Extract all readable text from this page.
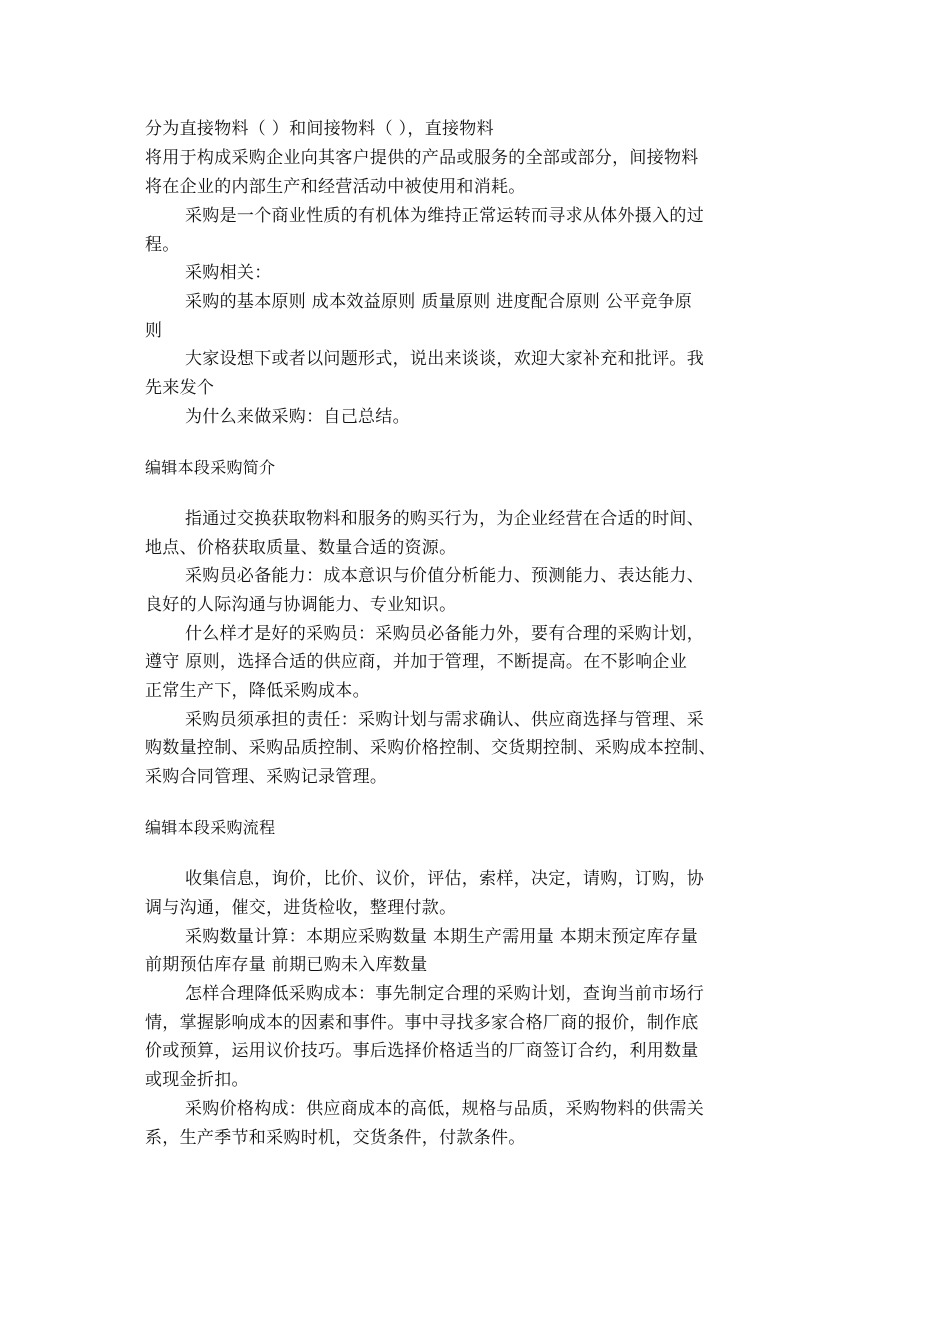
分为直接物料（ ）和间接物料（ ），直接物料
将用于构成采购企业向其客户提供的产品或服务的全部或部分，间接物料
将在企业的内部生产和经营活动中被使用和消耗。
采购是一个商业性质的有机体为维持正常运转而寻求从体外摄入的过
程。
采购相关：
采购的基本原则 成本效益原则 质量原则 进度配合原则 公平竞争原
则
大家设想下或者以问题形式，说出来谈谈，欢迎大家补充和批评。我
先来发个
为什么来做采购：自己总结。
编辑本段采购简介
指通过交换获取物料和服务的购买行为，为企业经营在合适的时间、
地点、价格获取质量、数量合适的资源。
采购员必备能力：成本意识与价值分析能力、预测能力、表达能力、
良好的人际沟通与协调能力、专业知识。
什么样才是好的采购员：采购员必备能力外，要有合理的采购计划，
遵守 原则，选择合适的供应商，并加于管理，不断提高。在不影响企业
正常生产下，降低采购成本。
采购员须承担的责任：采购计划与需求确认、供应商选择与管理、采
购数量控制、采购品质控制、采购价格控制、交货期控制、采购成本控制、
采购合同管理、采购记录管理。
编辑本段采购流程
收集信息，询价，比价、议价，评估，索样，决定，请购，订购，协
调与沟通，催交，进货检收，整理付款。
采购数量计算：本期应采购数量 本期生产需用量 本期末预定库存量
前期预估库存量 前期已购未入库数量
怎样合理降低采购成本：事先制定合理的采购计划，查询当前市场行
情，掌握影响成本的因素和事件。事中寻找多家合格厂商的报价，制作底
价或预算，运用议价技巧。事后选择价格适当的厂商签订合约，利用数量
或现金折扣。
采购价格构成：供应商成本的高低，规格与品质，采购物料的供需关
系，生产季节和采购时机，交货条件，付款条件。
